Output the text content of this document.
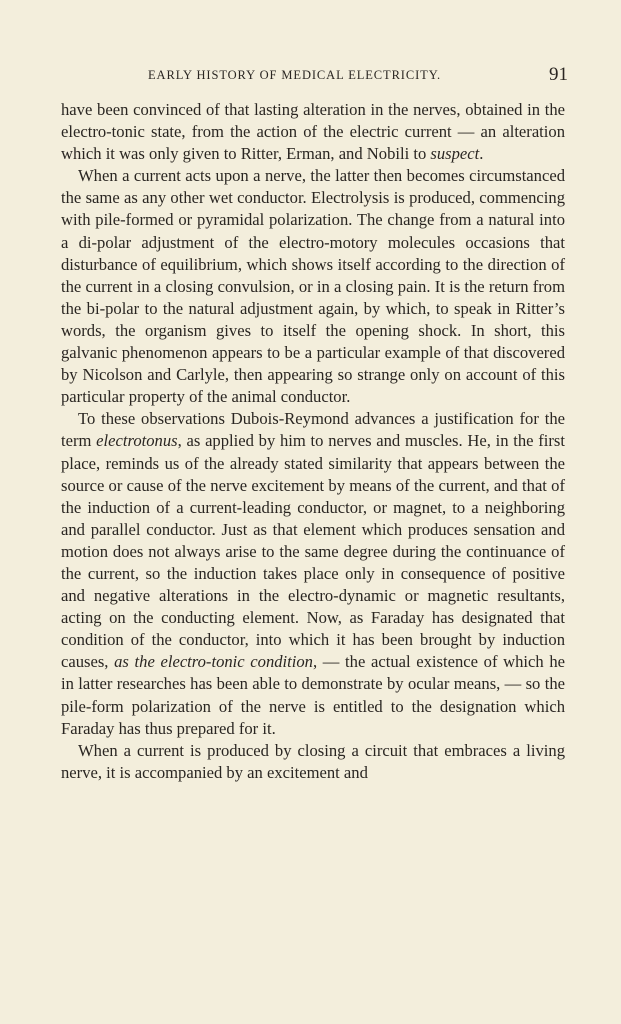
EARLY HISTORY OF MEDICAL ELECTRICITY.	91

have been convinced of that lasting alteration in the nerves, obtained in the electro-tonic state, from the action of the electric current — an alteration which it was only given to Ritter, Erman, and Nobili to suspect.

When a current acts upon a nerve, the latter then becomes circumstanced the same as any other wet conductor. Electrolysis is produced, commencing with pile-formed or pyramidal polarization. The change from a natural into a di-polar adjustment of the electro-motory molecules occasions that disturbance of equilibrium, which shows itself according to the direction of the current in a closing convulsion, or in a closing pain. It is the return from the bi-polar to the natural adjustment again, by which, to speak in Ritter’s words, the organism gives to itself the opening shock. In short, this galvanic phenomenon appears to be a particular example of that discovered by Nicolson and Carlyle, then appearing so strange only on account of this particular property of the animal conductor.

To these observations Dubois-Reymond advances a justification for the term electrotonus, as applied by him to nerves and muscles. He, in the first place, reminds us of the already stated similarity that appears between the source or cause of the nerve excitement by means of the current, and that of the induction of a current-leading conductor, or magnet, to a neighboring and parallel conductor. Just as that element which produces sensation and motion does not always arise to the same degree during the continuance of the current, so the induction takes place only in consequence of positive and negative alterations in the electro-dynamic or magnetic resultants, acting on the conducting element. Now, as Faraday has designated that condition of the conductor, into which it has been brought by induction causes, as the electro-tonic condition, — the actual existence of which he in latter researches has been able to demonstrate by ocular means, — so the pile-form polarization of the nerve is entitled to the designation which Faraday has thus prepared for it.

When a current is produced by closing a circuit that embraces a living nerve, it is accompanied by an excitement and
